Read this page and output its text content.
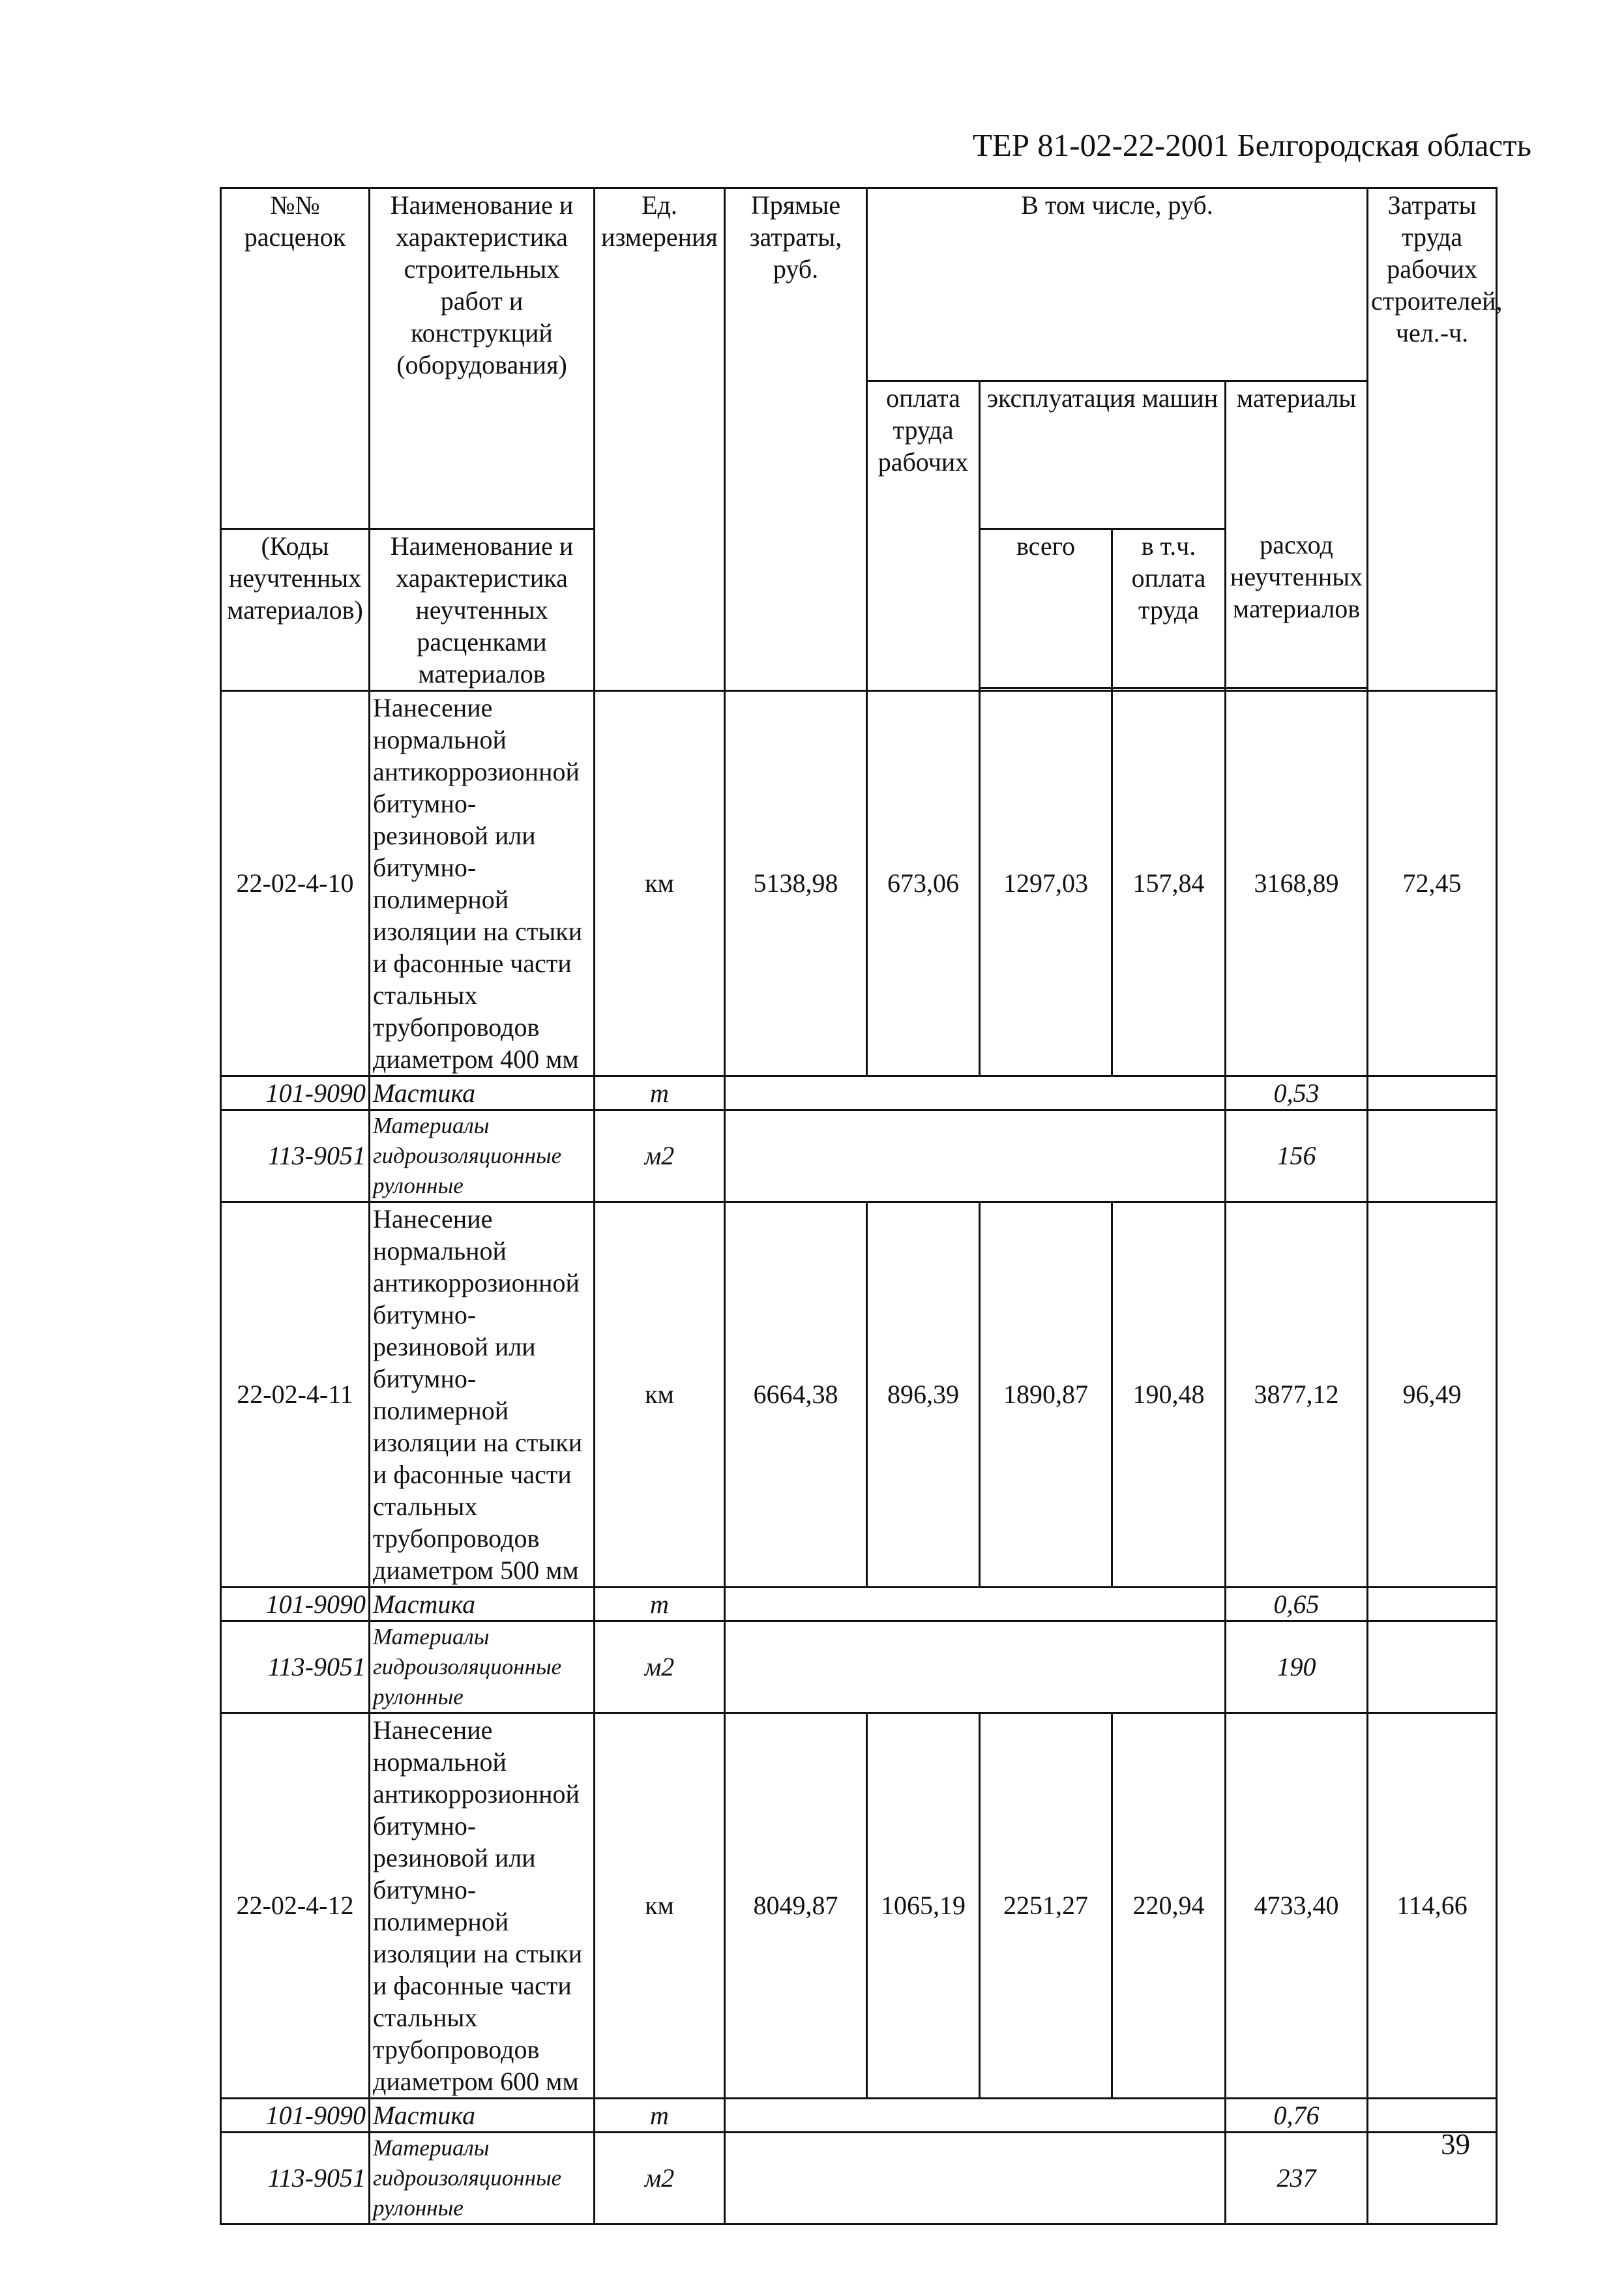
ТЕР 81-02-22-2001 Белгородская область
№№ расценок	Наименование и характеристика строительных работ и конструкций (оборудования)	Ед. измерения	Прямые затраты, руб.	В том числе, руб.				Затраты труда рабочих строителей, чел.-ч.
				оплата труда рабочих	эксплуатация машин		материалы	
(Коды неучтенных материалов)	Наименование и характеристика неучтенных расценками материалов				всего	в т.ч. оплата труда	расход неучтенных материалов	

22-02-4-10	Нанесение нормальной антикоррозионной битумно-резиновой или битумно-полимерной изоляции на стыки и фасонные части стальных трубопроводов диаметром 400 мм	км	5138,98	673,06	1297,03	157,84	3168,89	72,45
101-9090	Мастика	т					0,53	
113-9051	Материалы гидроизоляционные рулонные	м2					156	
22-02-4-11	Нанесение нормальной антикоррозионной битумно-резиновой или битумно-полимерной изоляции на стыки и фасонные части стальных трубопроводов диаметром 500 мм	км	6664,38	896,39	1890,87	190,48	3877,12	96,49
101-9090	Мастика	т					0,65	
113-9051	Материалы гидроизоляционные рулонные	м2					190	
22-02-4-12	Нанесение нормальной антикоррозионной битумно-резиновой или битумно-полимерной изоляции на стыки и фасонные части стальных трубопроводов диаметром 600 мм	км	8049,87	1065,19	2251,27	220,94	4733,40	114,66
101-9090	Мастика	т					0,76	
113-9051	Материалы гидроизоляционные рулонные	м2					237	
39
